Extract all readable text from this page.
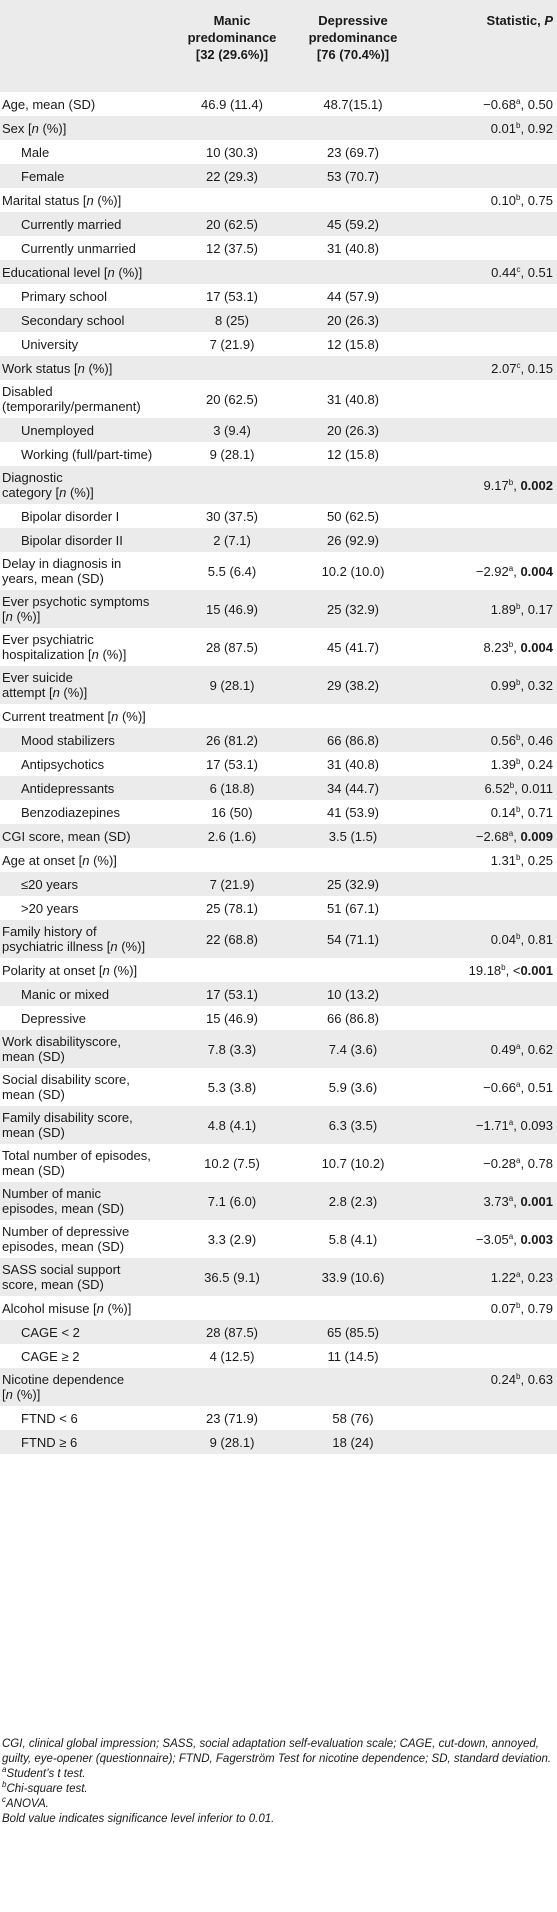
	Manic
predominance
[32 (29.6%)]	Depressive
predominance
[76 (70.4%)]	Statistic, P
Age, mean (SD)	46.9 (11.4)	48.7(15.1)	−0.68$^a$, 0.50
Sex [n (%)]			0.01$^b$, 0.92
Male	10 (30.3)	23 (69.7)	
Female	22 (29.3)	53 (70.7)	
Marital status [n (%)]			0.10$^b$, 0.75
Currently married	20 (62.5)	45 (59.2)	
Currently unmarried	12 (37.5)	31 (40.8)	
Educational level [n (%)]			0.44$^c$, 0.51
Primary school	17 (53.1)	44 (57.9)	
Secondary school	8 (25)	20 (26.3)	
University	7 (21.9)	12 (15.8)	
Work status [n (%)]			2.07$^c$, 0.15
Disabled
(temporarily/permanent)	20 (62.5)	31 (40.8)	
Unemployed	3 (9.4)	20 (26.3)	
Working (full/part-time)	9 (28.1)	12 (15.8)	
Diagnostic
category [n (%)]			9.17$^b$, 0.002
Bipolar disorder I	30 (37.5)	50 (62.5)	
Bipolar disorder II	2 (7.1)	26 (92.9)	
Delay in diagnosis in
years, mean (SD)	5.5 (6.4)	10.2 (10.0)	−2.92$^a$, 0.004
Ever psychotic symptoms
[n (%)]	15 (46.9)	25 (32.9)	1.89$^b$, 0.17
Ever psychiatric
hospitalization [n (%)]	28 (87.5)	45 (41.7)	8.23$^b$, 0.004
Ever suicide
attempt [n (%)]	9 (28.1)	29 (38.2)	0.99$^b$, 0.32
Current treatment [n (%)]			
Mood stabilizers	26 (81.2)	66 (86.8)	0.56$^b$, 0.46
Antipsychotics	17 (53.1)	31 (40.8)	1.39$^b$, 0.24
Antidepressants	6 (18.8)	34 (44.7)	6.52$^b$, 0.011
Benzodiazepines	16 (50)	41 (53.9)	0.14$^b$, 0.71
CGI score, mean (SD)	2.6 (1.6)	3.5 (1.5)	−2.68$^a$, 0.009
Age at onset [n (%)]			1.31$^b$, 0.25
≤20 years	7 (21.9)	25 (32.9)	
>20 years	25 (78.1)	51 (67.1)	
Family history of
psychiatric illness [n (%)]	22 (68.8)	54 (71.1)	0.04$^b$, 0.81
Polarity at onset [n (%)]			19.18$^b$, <0.001
Manic or mixed	17 (53.1)	10 (13.2)	
Depressive	15 (46.9)	66 (86.8)	
Work disabilityscore,
mean (SD)	7.8 (3.3)	7.4 (3.6)	0.49$^a$, 0.62
Social disability score,
mean (SD)	5.3 (3.8)	5.9 (3.6)	−0.66$^a$, 0.51
Family disability score,
mean (SD)	4.8 (4.1)	6.3 (3.5)	−1.71$^a$, 0.093
Total number of episodes,
mean (SD)	10.2 (7.5)	10.7 (10.2)	−0.28$^a$, 0.78
Number of manic
episodes, mean (SD)	7.1 (6.0)	2.8 (2.3)	3.73$^a$, 0.001
Number of depressive
episodes, mean (SD)	3.3 (2.9)	5.8 (4.1)	−3.05$^a$, 0.003
SASS social support
score, mean (SD)	36.5 (9.1)	33.9 (10.6)	1.22$^a$, 0.23
Alcohol misuse [n (%)]			0.07$^b$, 0.79
CAGE < 2	28 (87.5)	65 (85.5)	
CAGE ≥ 2	4 (12.5)	11 (14.5)	
Nicotine dependence
[n (%)]			0.24$^b$, 0.63
FTND < 6	23 (71.9)	58 (76)	
FTND ≥ 6	9 (28.1)	18 (24)	

CGI, clinical global impression; SASS, social adaptation self-evaluation scale; CAGE, cut-down, annoyed, guilty, eye-opener (questionnaire); FTND, Fagerström Test for nicotine dependence; SD, standard deviation.

$^a$Student’s t test.

$^b$Chi-square test.

$^c$ANOVA.

Bold value indicates significance level inferior to 0.01.
